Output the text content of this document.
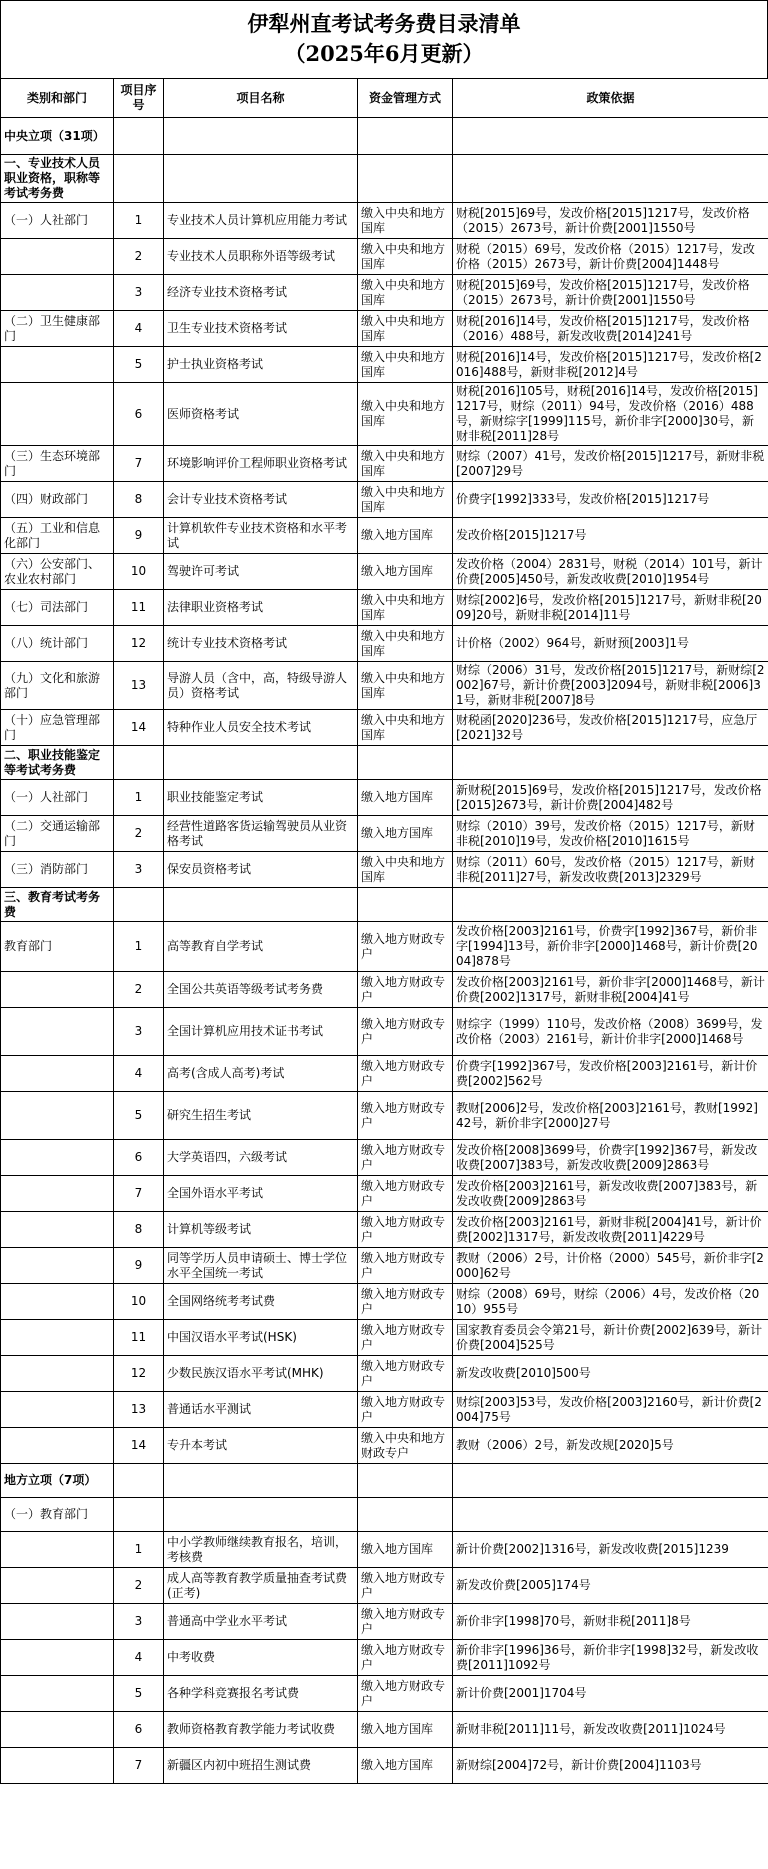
伊犁州直考试考务费目录清单
（2025年6月更新）
类别和部门	项目序号	项目名称	资金管理方式	政策依据
中央立项（31项）				
一、专业技术人员职业资格，职称等考试考务费				
（一）人社部门	1	专业技术人员计算机应用能力考试	缴入中央和地方国库	财税[2015]69号，发改价格[2015]1217号，发改价格（2015）2673号，新计价费[2001]1550号
	2	专业技术人员职称外语等级考试	缴入中央和地方国库	财税（2015）69号，发改价格（2015）1217号，发改价格（2015）2673号，新计价费[2004]1448号
	3	经济专业技术资格考试	缴入中央和地方国库	财税[2015]69号，发改价格[2015]1217号，发改价格（2015）2673号，新计价费[2001]1550号
（二）卫生健康部门	4	卫生专业技术资格考试	缴入中央和地方国库	财税[2016]14号，发改价格[2015]1217号，发改价格（2016）488号，新发改收费[2014]241号
	5	护士执业资格考试	缴入中央和地方国库	财税[2016]14号，发改价格[2015]1217号，发改价格[2016]488号，新财非税[2012]4号
	6	医师资格考试	缴入中央和地方国库	财税[2016]105号，财税[2016]14号，发改价格[2015]1217号，财综（2011）94号，发改价格（2016）488号，新财综字[1999]115号，新价非字[2000]30号，新财非税[2011]28号
（三）生态环境部门	7	环境影响评价工程师职业资格考试	缴入中央和地方国库	财综（2007）41号，发改价格[2015]1217号，新财非税[2007]29号
（四）财政部门	8	会计专业技术资格考试	缴入中央和地方国库	价费字[1992]333号，发改价格[2015]1217号
（五）工业和信息化部门	9	计算机软件专业技术资格和水平考试	缴入地方国库	发改价格[2015]1217号
（六）公安部门、农业农村部门	10	驾驶许可考试	缴入地方国库	发改价格（2004）2831号，财税（2014）101号，新计价费[2005]450号，新发改收费[2010]1954号
（七）司法部门	11	法律职业资格考试	缴入中央和地方国库	财综[2002]6号，发改价格[2015]1217号，新财非税[2009]20号，新财非税[2014]11号
（八）统计部门	12	统计专业技术资格考试	缴入中央和地方国库	计价格（2002）964号，新财预[2003]1号
（九）文化和旅游部门	13	导游人员（含中，高，特级导游人员）资格考试	缴入中央和地方国库	财综（2006）31号，发改价格[2015]1217号，新财综[2002]67号，新计价费[2003]2094号，新财非税[2006]31号，新财非税[2007]8号
（十）应急管理部门	14	特种作业人员安全技术考试	缴入中央和地方国库	财税函[2020]236号，发改价格[2015]1217号，应急厅[2021]32号
二、职业技能鉴定等考试考务费				
（一）人社部门	1	职业技能鉴定考试	缴入地方国库	新财税[2015]69号，发改价格[2015]1217号，发改价格[2015]2673号，新计价费[2004]482号
（二）交通运输部门	2	经营性道路客货运输驾驶员从业资格考试	缴入地方国库	财综（2010）39号，发改价格（2015）1217号，新财非税[2010]19号，发改价格[2010]1615号
（三）消防部门	3	保安员资格考试	缴入中央和地方国库	财综（2011）60号，发改价格（2015）1217号，新财非税[2011]27号，新发改收费[2013]2329号
三、教育考试考务费				
教育部门	1	高等教育自学考试	缴入地方财政专户	发改价格[2003]2161号，价费字[1992]367号，新价非字[1994]13号，新价非字[2000]1468号，新计价费[2004]878号
	2	全国公共英语等级考试考务费	缴入地方财政专户	发改价格[2003]2161号，新价非字[2000]1468号，新计价费[2002]1317号，新财非税[2004]41号
	3	全国计算机应用技术证书考试	缴入地方财政专户	财综字（1999）110号，发改价格（2008）3699号，发改价格（2003）2161号，新计价非字[2000]1468号
	4	高考(含成人高考)考试	缴入地方财政专户	价费字[1992]367号，发改价格[2003]2161号，新计价费[2002]562号
	5	研究生招生考试	缴入地方财政专户	教财[2006]2号，发改价格[2003]2161号，教财[1992]42号，新价非字[2000]27号
	6	大学英语四，六级考试	缴入地方财政专户	发改价格[2008]3699号，价费字[1992]367号，新发改收费[2007]383号，新发改收费[2009]2863号
	7	全国外语水平考试	缴入地方财政专户	发改价格[2003]2161号，新发改收费[2007]383号，新发改收费[2009]2863号
	8	计算机等级考试	缴入地方财政专户	发改价格[2003]2161号，新财非税[2004]41号，新计价费[2002]1317号，新发改收费[2011]4229号
	9	同等学历人员申请硕士、博士学位水平全国统一考试	缴入地方财政专户	教财（2006）2号，计价格（2000）545号，新价非字[2000]62号
	10	全国网络统考考试费	缴入地方财政专户	财综（2008）69号，财综（2006）4号，发改价格（2010）955号
	11	中国汉语水平考试(HSK)	缴入地方财政专户	国家教育委员会令第21号，新计价费[2002]639号，新计价费[2004]525号
	12	少数民族汉语水平考试(MHK)	缴入地方财政专户	新发改收费[2010]500号
	13	普通话水平测试	缴入地方财政专户	财综[2003]53号，发改价格[2003]2160号，新计价费[2004]75号
	14	专升本考试	缴入中央和地方财政专户	教财（2006）2号，新发改规[2020]5号
地方立项（7项）				
（一）教育部门				
	1	中小学教师继续教育报名，培训，考核费	缴入地方国库	新计价费[2002]1316号，新发改收费[2015]1239
	2	成人高等教育教学质量抽查考试费(正考)	缴入地方财政专户	新发改价费[2005]174号
	3	普通高中学业水平考试	缴入地方财政专户	新价非字[1998]70号，新财非税[2011]8号
	4	中考收费	缴入地方财政专户	新价非字[1996]36号，新价非字[1998]32号，新发改收费[2011]1092号
	5	各种学科竞赛报名考试费	缴入地方财政专户	新计价费[2001]1704号
	6	教师资格教育教学能力考试收费	缴入地方国库	新财非税[2011]11号，新发改收费[2011]1024号
	7	新疆区内初中班招生测试费	缴入地方国库	新财综[2004]72号，新计价费[2004]1103号
